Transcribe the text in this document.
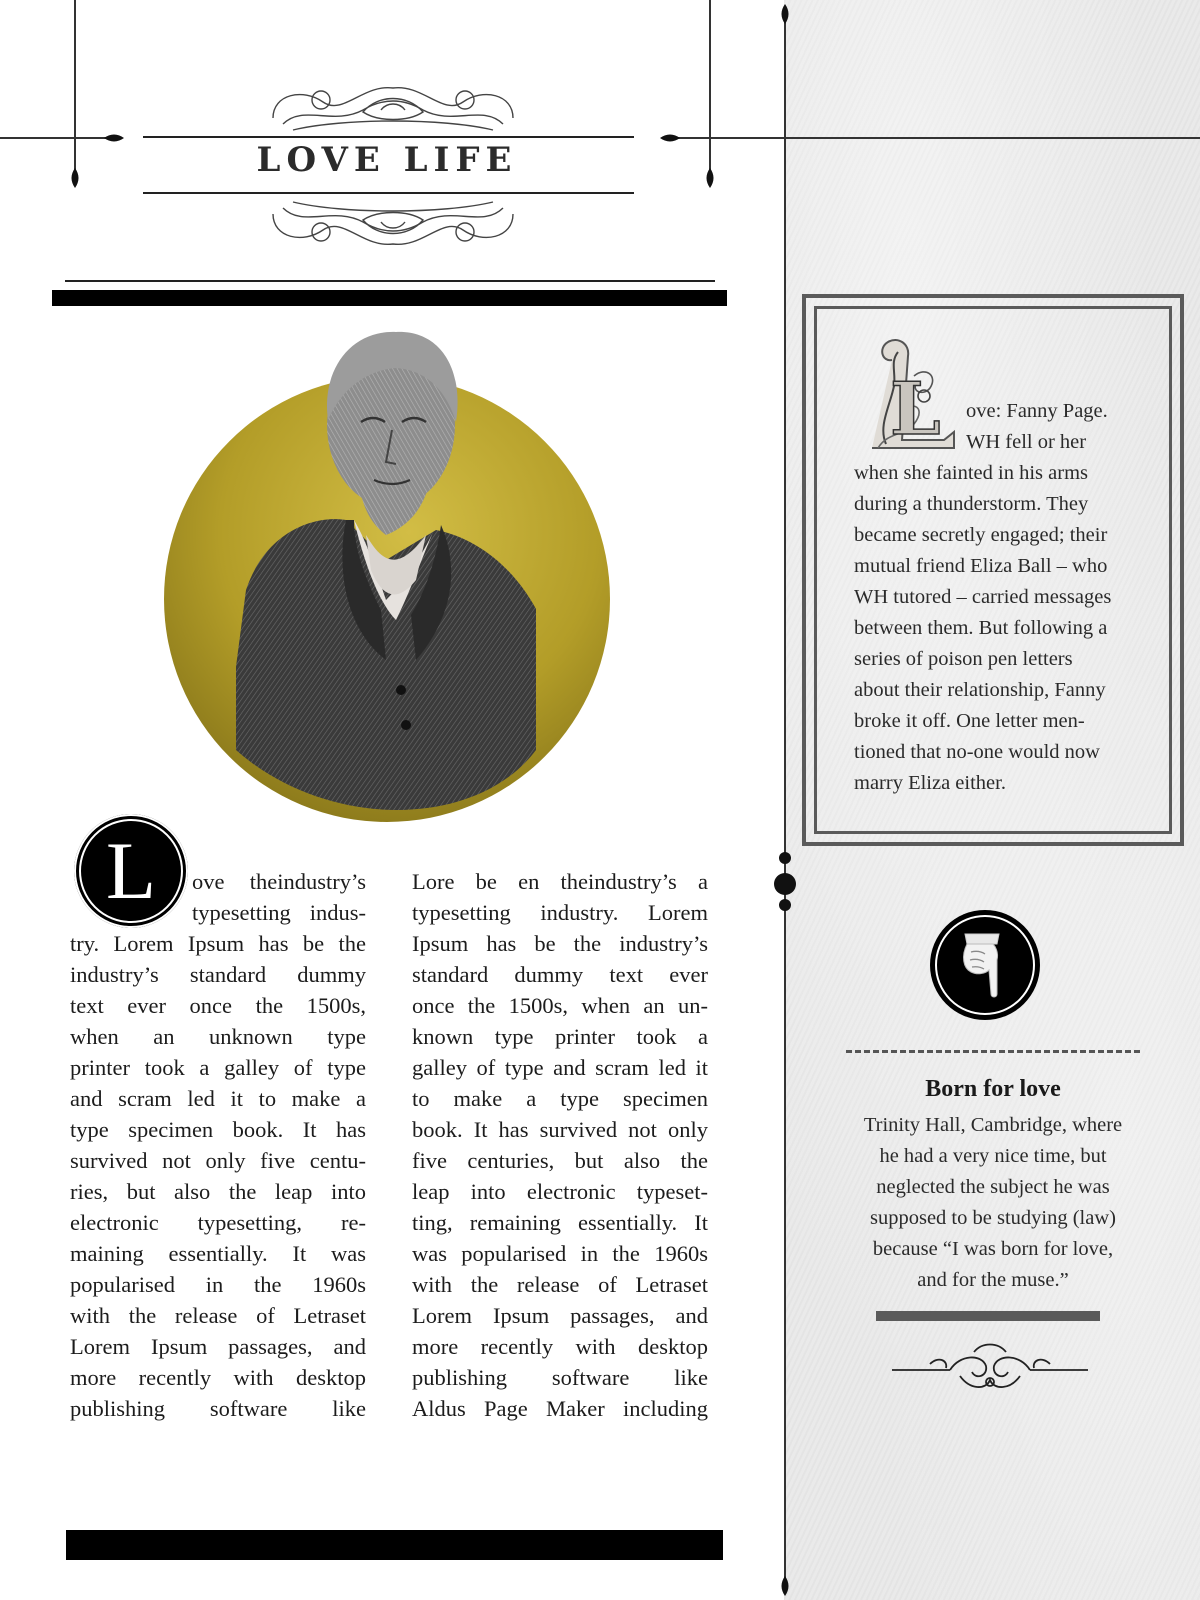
LOVE LIFE
L	ove theindustry’s
typesetting indus-
try. Lorem Ipsum has be the
industry’s standard dummy
text ever once the 1500s,
when an unknown type
printer took a galley of type
and scram led it to make a
type specimen book. It has
survived not only five centu-
ries, but also the leap into
electronic typesetting, re-
maining essentially. It was
popularised in the 1960s
with the release of Letraset
Lorem Ipsum passages, and
more recently with desktop
publishing software like
Lore be en theindustry’s a
typesetting industry. Lorem
Ipsum has be the industry’s
standard dummy text ever
once the 1500s, when an un-
known type printer took a
galley of type and scram led it
to make a type specimen
book. It has survived not only
five centuries, but also the
leap into electronic typeset-
ting, remaining essentially. It
was popularised in the 1960s
with the release of Letraset
Lorem Ipsum passages, and
more recently with desktop
publishing software like
Aldus Page Maker including
L	ove: Fanny Page.
WH fell or her
when she fainted in his arms
during a thunderstorm. They
became secretly engaged; their
mutual friend Eliza Ball – who
WH tutored – carried messages
between them. But following a
series of poison pen letters
about their relationship, Fanny
broke it off. One letter men-
tioned that no-one would now
marry Eliza either.
Born for love
Trinity Hall, Cambridge, where
he had a very nice time, but
neglected the subject he was
supposed to be studying (law)
because “I was born for love,
and for the muse.”
